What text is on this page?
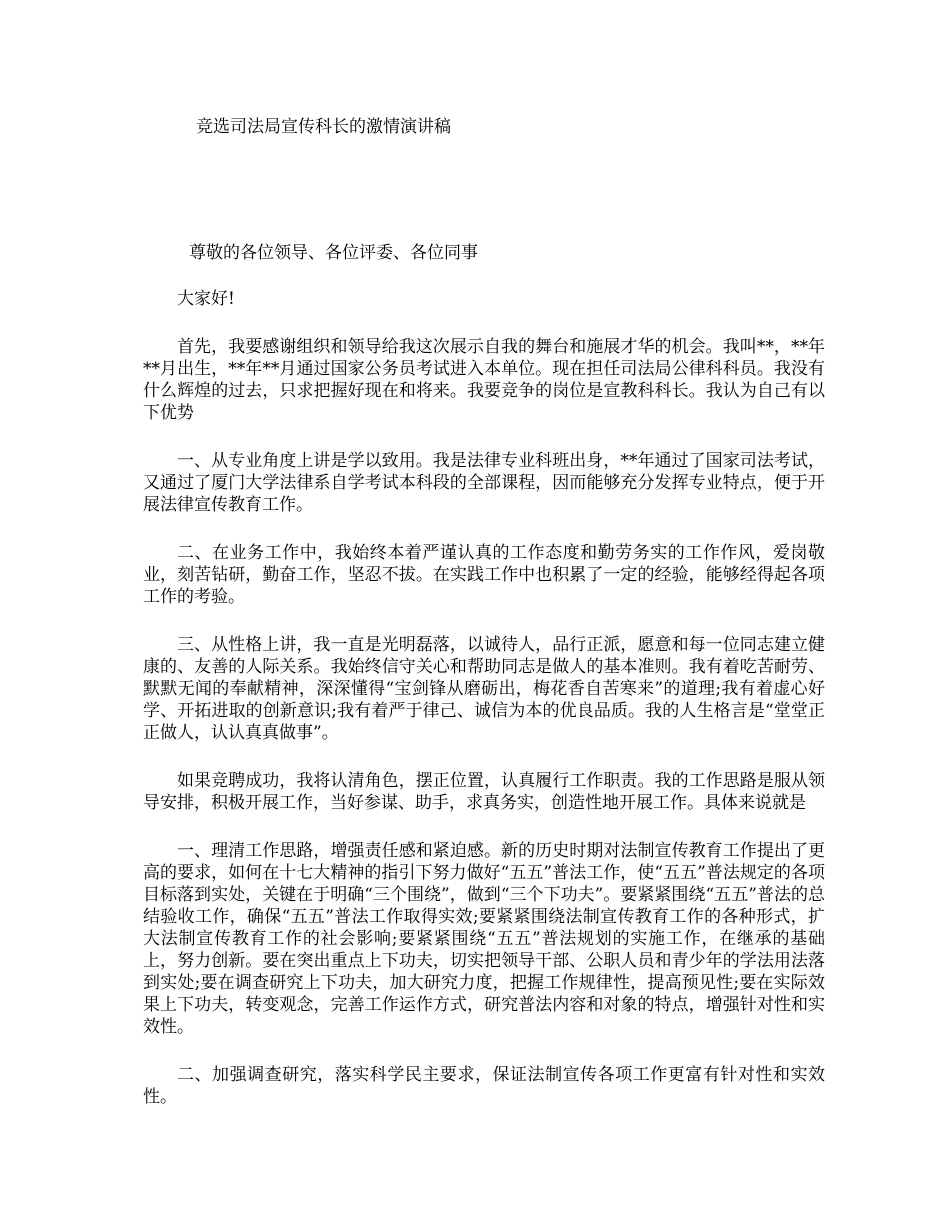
竞选司法局宣传科长的激情演讲稿

尊敬的各位领导、各位评委、各位同事

大家好!

首先，我要感谢组织和领导给我这次展示自我的舞台和施展才华的机会。我叫**，**年**月出生，**年**月通过国家公务员考试进入本单位。现在担任司法局公律科科员。我没有什么辉煌的过去，只求把握好现在和将来。我要竞争的岗位是宣教科科长。我认为自己有以下优势

一、从专业角度上讲是学以致用。我是法律专业科班出身，**年通过了国家司法考试，又通过了厦门大学法律系自学考试本科段的全部课程，因而能够充分发挥专业特点，便于开展法律宣传教育工作。

二、在业务工作中，我始终本着严谨认真的工作态度和勤劳务实的工作作风，爱岗敬业，刻苦钻研，勤奋工作，坚忍不拔。在实践工作中也积累了一定的经验，能够经得起各项工作的考验。

三、从性格上讲，我一直是光明磊落，以诚待人，品行正派，愿意和每一位同志建立健康的、友善的人际关系。我始终信守关心和帮助同志是做人的基本准则。我有着吃苦耐劳、默默无闻的奉献精神，深深懂得“宝剑锋从磨砺出，梅花香自苦寒来”的道理;我有着虚心好学、开拓进取的创新意识;我有着严于律己、诚信为本的优良品质。我的人生格言是“堂堂正正做人，认认真真做事”。

如果竞聘成功，我将认清角色，摆正位置，认真履行工作职责。我的工作思路是服从领导安排，积极开展工作，当好参谋、助手，求真务实，创造性地开展工作。具体来说就是

一、理清工作思路，增强责任感和紧迫感。新的历史时期对法制宣传教育工作提出了更高的要求，如何在十七大精神的指引下努力做好“五五”普法工作，使“五五”普法规定的各项目标落到实处，关键在于明确“三个围绕”，做到“三个下功夫”。要紧紧围绕“五五”普法的总结验收工作，确保“五五”普法工作取得实效;要紧紧围绕法制宣传教育工作的各种形式，扩大法制宣传教育工作的社会影响;要紧紧围绕“五五”普法规划的实施工作，在继承的基础上，努力创新。要在突出重点上下功夫，切实把领导干部、公职人员和青少年的学法用法落到实处;要在调查研究上下功夫，加大研究力度，把握工作规律性，提高预见性;要在实际效果上下功夫，转变观念，完善工作运作方式，研究普法内容和对象的特点，增强针对性和实效性。

二、加强调查研究，落实科学民主要求，保证法制宣传各项工作更富有针对性和实效性。
